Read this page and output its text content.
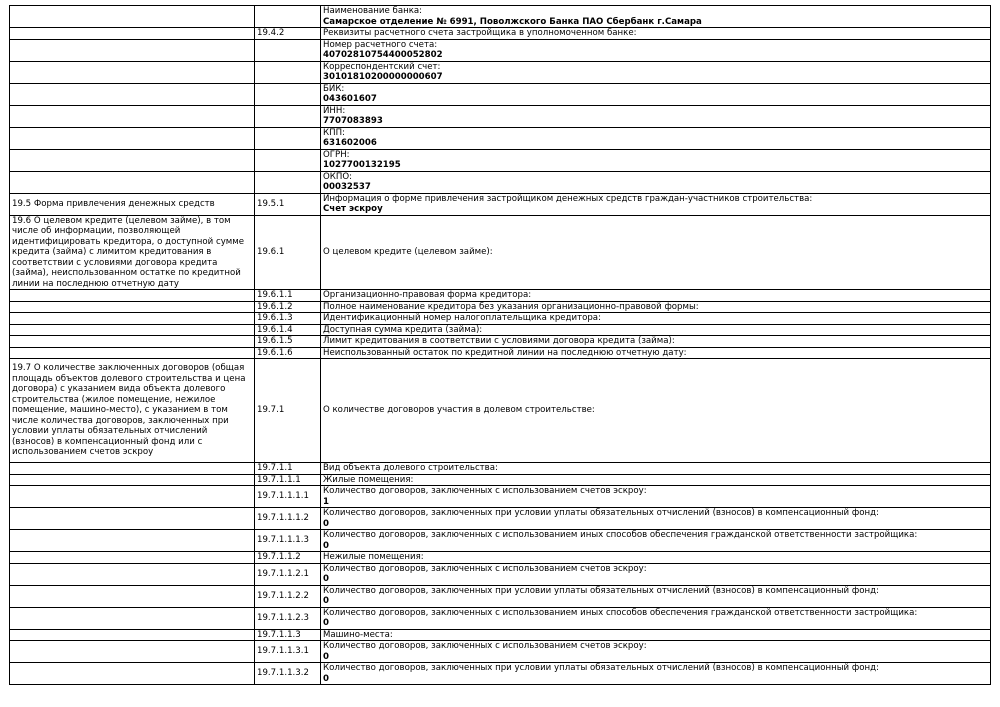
		Наименование банка:
Самарское отделение № 6991, Поволжского Банка ПАО Сбербанк г.Самара

	19.4.2	Реквизиты расчетного счета застройщика в уполномоченном банке:

		Номер расчетного счета:
40702810754400052802

		Корреспондентский счет:
30101810200000000607

		БИК:
043601607

		ИНН:
7707083893

		КПП:
631602006

		ОГРН:
1027700132195

		ОКПО:
00032537

19.5 Форма привлечения денежных средств	19.5.1	Информация о форме привлечения застройщиком денежных средств граждан-участников строительства:
Счет эскроу

19.6 О целевом кредите (целевом займе), в том числе об информации, позволяющей идентифицировать кредитора, о доступной сумме кредита (займа) с лимитом кредитования в соответствии с условиями договора кредита (займа), неиспользованном остатке по кредитной линии на последнюю отчетную дату	19.6.1	О целевом кредите (целевом займе):

	19.6.1.1	Организационно-правовая форма кредитора:

	19.6.1.2	Полное наименование кредитора без указания организационно-правовой формы:

	19.6.1.3	Идентификационный номер налогоплательщика кредитора:

	19.6.1.4	Доступная сумма кредита (займа):

	19.6.1.5	Лимит кредитования в соответствии с условиями договора кредита (займа):

	19.6.1.6	Неиспользованный остаток по кредитной линии на последнюю отчетную дату:

19.7 О количестве заключенных договоров (общая площадь объектов долевого строительства и цена договора) с указанием вида объекта долевого строительства (жилое помещение, нежилое помещение, машино-место), с указанием в том числе количества договоров, заключенных при условии уплаты обязательных отчислений (взносов) в компенсационный фонд или с использованием счетов эскроу	19.7.1	О количестве договоров участия в долевом строительстве:

	19.7.1.1	Вид объекта долевого строительства:

	19.7.1.1.1	Жилые помещения:

	19.7.1.1.1.1	Количество договоров, заключенных с использованием счетов эскроу:
1

	19.7.1.1.1.2	Количество договоров, заключенных при условии уплаты обязательных отчислений (взносов) в компенсационный фонд:
0

	19.7.1.1.1.3	Количество договоров, заключенных с использованием иных способов обеспечения гражданской ответственности застройщика:
0

	19.7.1.1.2	Нежилые помещения:

	19.7.1.1.2.1	Количество договоров, заключенных с использованием счетов эскроу:
0

	19.7.1.1.2.2	Количество договоров, заключенных при условии уплаты обязательных отчислений (взносов) в компенсационный фонд:
0

	19.7.1.1.2.3	Количество договоров, заключенных с использованием иных способов обеспечения гражданской ответственности застройщика:
0

	19.7.1.1.3	Машино-места:

	19.7.1.1.3.1	Количество договоров, заключенных с использованием счетов эскроу:
0

	19.7.1.1.3.2	Количество договоров, заключенных при условии уплаты обязательных отчислений (взносов) в компенсационный фонд:
0
